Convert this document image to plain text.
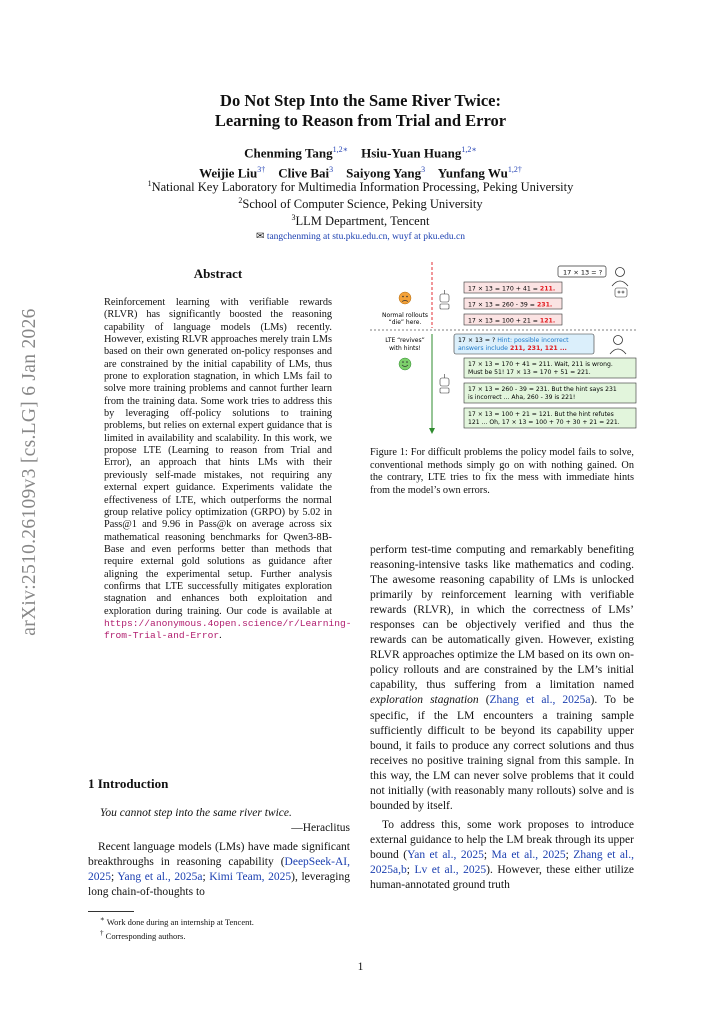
arXiv:2510.26109v3 [cs.LG] 6 Jan 2026
Do Not Step Into the Same River Twice:
Learning to Reason from Trial and Error
Chenming Tang$^{1,2∗}$ Hsiu-Yuan Huang$^{1,2∗}$
Weijie Liu$^{3\dagger}$ Clive Bai$^3$ Saiyong Yang$^3$ Yunfang $Wu^{1,2\dagger}$
$^1$National Key Laboratory for Multimedia Information Processing, Peking University
$^2$School of Computer Science, Peking University
$^3$LLM Department, Tencent
✉ tangchenming at stu.pku.edu.cn, wuyf at pku.edu.cn
Abstract
Reinforcement learning with verifiable rewards (RLVR) has significantly boosted the reasoning capability of language models (LMs) recently. However, existing RLVR approaches merely train LMs based on their own generated on-policy responses and are constrained by the initial capability of LMs, thus prone to exploration stagnation, in which LMs fail to solve more training problems and cannot further learn from the training data. Some work tries to address this by leveraging off-policy solutions to training problems, but relies on external expert guidance that is limited in availability and scalability. In this work, we propose LTE (Learning to reason from Trial and Error), an approach that hints LMs with their previously self-made mistakes, not requiring any external expert guidance. Experiments validate the effectiveness of LTE, which outperforms the normal group relative policy optimization (GRPO) by 5.02 in Pass@1 and 9.96 in Pass@k on average across six mathematical reasoning benchmarks for Qwen3-8B-Base and even performs better than methods that require external gold solutions as guidance after aligning the experimental setup. Further analysis confirms that LTE successfully mitigates exploration stagnation and enhances both exploitation and exploration during training. Our code is available at https://anonymous.4open.science/r/Learning-from-Trial-and-Error.
1 Introduction
You cannot step into the same river twice.
—Heraclitus
Recent language models (LMs) have made significant breakthroughs in reasoning capability (DeepSeek-AI, 2025; Yang et al., 2025a; Kimi Team, 2025), leveraging long chain-of-thoughts to
∗ Work done during an internship at Tencent.
† Corresponding authors.
17 × 13 = ?
Normal rollouts
“die” here.
17 × 13 = 170 + 41 = 211.
17 × 13 = 260 - 39 = 231.
17 × 13 = 100 + 21 = 121.
LTE “revives”
with hints!
17 × 13 = ? Hint: possible incorrect
answers include 211, 231, 121 ...
17 × 13 = 170 + 41 = 211. Wait, 211 is wrong.
Must be 51! 17 × 13 = 170 + 51 = 221.
17 × 13 = 260 - 39 = 231. But the hint says 231
is incorrect ... Aha, 260 - 39 is 221!
17 × 13 = 100 + 21 = 121. But the hint refutes
121 ... Oh, 17 × 13 = 100 + 70 + 30 + 21 = 221.
Figure 1: For difficult problems the policy model fails to solve, conventional methods simply go on with nothing gained. On the contrary, LTE tries to fix the mess with immediate hints from the model’s own errors.

perform test-time computing and remarkably benefiting reasoning-intensive tasks like mathematics and coding. The awesome reasoning capability of LMs is unlocked primarily by reinforcement learning with verifiable rewards (RLVR), in which the correctness of LMs’ responses can be objectively verified and thus the rewards can be automatically given. However, existing RLVR approaches optimize the LM based on its own on-policy rollouts and are constrained by the LM’s initial capability, thus suffering from a limitation named exploration stagnation (Zhang et al., 2025a). To be specific, if the LM encounters a training sample sufficiently difficult to be beyond its capability upper bound, it fails to produce any correct solutions and thus receives no positive training signal from this sample. In this way, the LM can never solve problems that it could not initially (with reasonably many rollouts) solve and is bounded by itself.

To address this, some work proposes to introduce external guidance to help the LM break through its upper bound (Yan et al., 2025; Ma et al., 2025; Zhang et al., 2025a,b; Lv et al., 2025). However, these either utilize human-annotated ground truth

1
